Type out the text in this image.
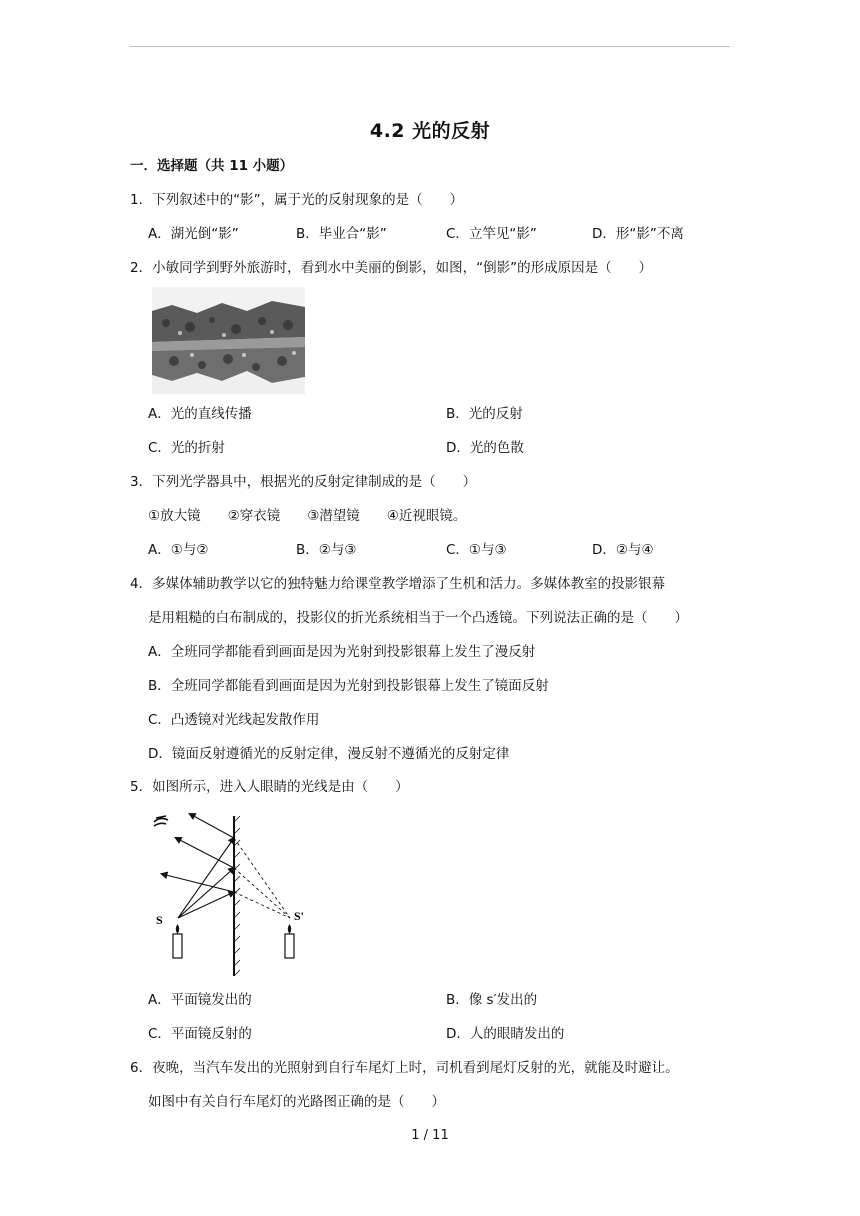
4.2 光的反射
一．选择题（共 11 小题）
1．下列叙述中的“影”，属于光的反射现象的是（　　）
A．湖光倒“影”	B．毕业合“影”	C．立竿见“影”	D．形“影”不离
2．小敏同学到野外旅游时，看到水中美丽的倒影，如图，“倒影”的形成原因是（　　）
A．光的直线传播	B．光的反射
C．光的折射	D．光的色散
3．下列光学器具中，根据光的反射定律制成的是（　　）
①放大镜　　②穿衣镜　　③潜望镜　　④近视眼镜。
A．①与②	B．②与③	C．①与③	D．②与④
4．多媒体辅助教学以它的独特魅力给课堂教学增添了生机和活力。多媒体教室的投影银幕
是用粗糙的白布制成的，投影仪的折光系统相当于一个凸透镜。下列说法正确的是（　　）
A．全班同学都能看到画面是因为光射到投影银幕上发生了漫反射
B．全班同学都能看到画面是因为光射到投影银幕上发生了镜面反射
C．凸透镜对光线起发散作用
D．镜面反射遵循光的反射定律，漫反射不遵循光的反射定律
5．如图所示，进入人眼睛的光线是由（　　）
S	S'
A．平面镜发出的	B．像 s′发出的
C．平面镜反射的	D．人的眼睛发出的
6．夜晚，当汽车发出的光照射到自行车尾灯上时，司机看到尾灯反射的光，就能及时避让。
如图中有关自行车尾灯的光路图正确的是（　　）
1 / 11
